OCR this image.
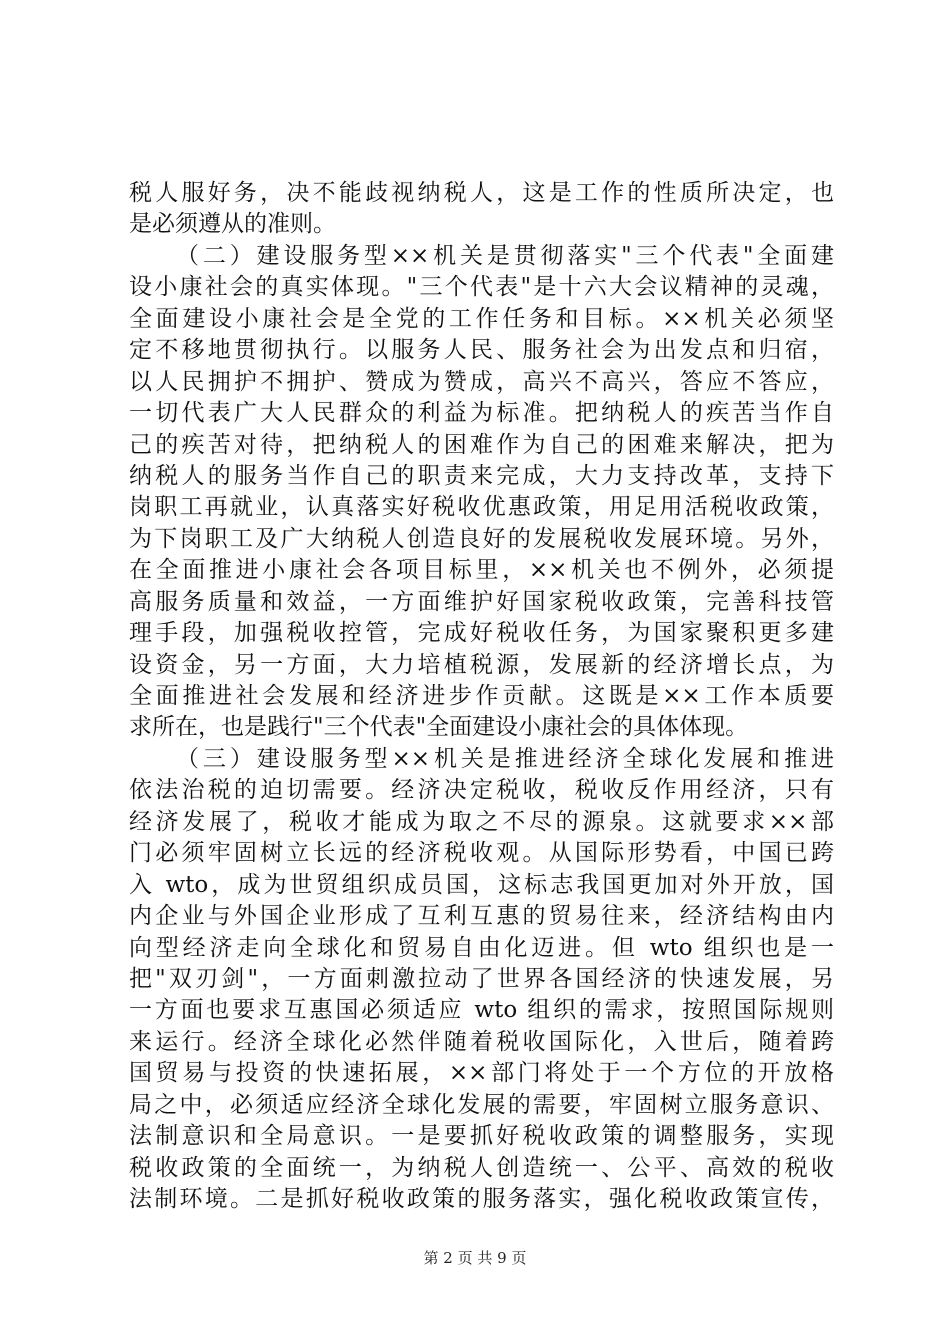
税人服好务，决不能歧视纳税人，这是工作的性质所决定，也
是必须遵从的准则。
（二）建设服务型××机关是贯彻落实"三个代表"全面建
设小康社会的真实体现。"三个代表"是十六大会议精神的灵魂，
全面建设小康社会是全党的工作任务和目标。××机关必须坚
定不移地贯彻执行。以服务人民、服务社会为出发点和归宿，
以人民拥护不拥护、赞成为赞成，高兴不高兴，答应不答应，
一切代表广大人民群众的利益为标准。把纳税人的疾苦当作自
己的疾苦对待，把纳税人的困难作为自己的困难来解决，把为
纳税人的服务当作自己的职责来完成，大力支持改革，支持下
岗职工再就业，认真落实好税收优惠政策，用足用活税收政策，
为下岗职工及广大纳税人创造良好的发展税收发展环境。另外，
在全面推进小康社会各项目标里，××机关也不例外，必须提
高服务质量和效益，一方面维护好国家税收政策，完善科技管
理手段，加强税收控管，完成好税收任务，为国家聚积更多建
设资金，另一方面，大力培植税源，发展新的经济增长点，为
全面推进社会发展和经济进步作贡献。这既是××工作本质要
求所在，也是践行"三个代表"全面建设小康社会的具体体现。
（三）建设服务型××机关是推进经济全球化发展和推进
依法治税的迫切需要。经济决定税收，税收反作用经济，只有
经济发展了，税收才能成为取之不尽的源泉。这就要求××部
门必须牢固树立长远的经济税收观。从国际形势看，中国已跨
入 wto，成为世贸组织成员国，这标志我国更加对外开放，国
内企业与外国企业形成了互利互惠的贸易往来，经济结构由内
向型经济走向全球化和贸易自由化迈进。但 wto 组织也是一
把"双刃剑"，一方面刺激拉动了世界各国经济的快速发展，另
一方面也要求互惠国必须适应 wto 组织的需求，按照国际规则
来运行。经济全球化必然伴随着税收国际化，入世后，随着跨
国贸易与投资的快速拓展，××部门将处于一个方位的开放格
局之中，必须适应经济全球化发展的需要，牢固树立服务意识、
法制意识和全局意识。一是要抓好税收政策的调整服务，实现
税收政策的全面统一，为纳税人创造统一、公平、高效的税收
法制环境。二是抓好税收政策的服务落实，强化税收政策宣传，
第 2 页 共 9 页
